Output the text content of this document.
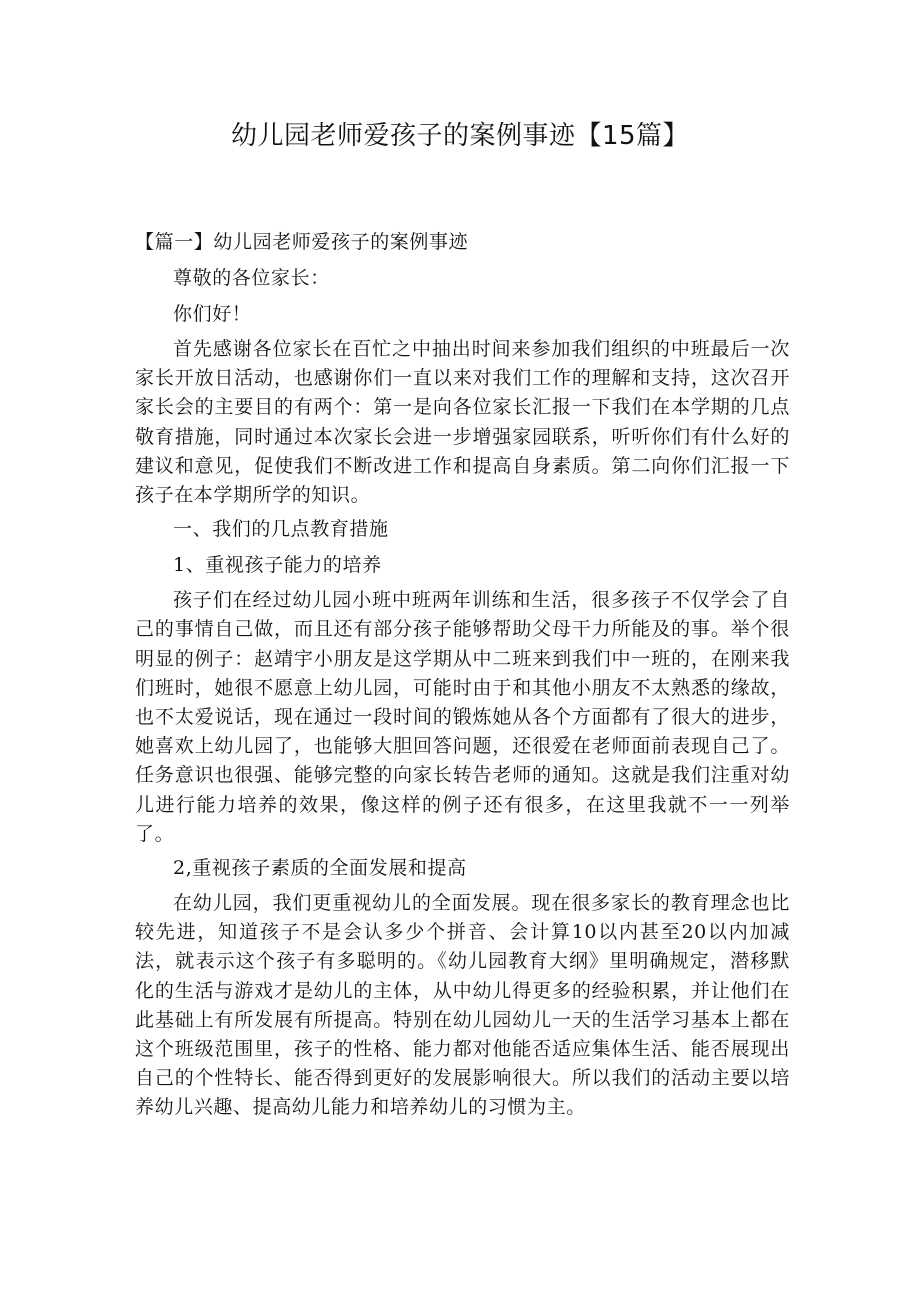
幼儿园老师爱孩子的案例事迹【15篇】

【篇一】幼儿园老师爱孩子的案例事迹

尊敬的各位家长：

你们好！

首先感谢各位家长在百忙之中抽出时间来参加我们组织的中班最后一次家长开放日活动，也感谢你们一直以来对我们工作的理解和支持，这次召开家长会的主要目的有两个：第一是向各位家长汇报一下我们在本学期的几点敬育措施，同时通过本次家长会进一步增强家园联系，听听你们有什么好的建议和意见，促使我们不断改进工作和提高自身素质。第二向你们汇报一下孩子在本学期所学的知识。

一、我们的几点教育措施

1、重视孩子能力的培养

孩子们在经过幼儿园小班中班两年训练和生活，很多孩子不仅学会了自己的事情自己做，而且还有部分孩子能够帮助父母干力所能及的事。举个很明显的例子：赵靖宇小朋友是这学期从中二班来到我们中一班的，在刚来我们班时，她很不愿意上幼儿园，可能时由于和其他小朋友不太熟悉的缘故，也不太爱说话，现在通过一段时间的锻炼她从各个方面都有了很大的进步，她喜欢上幼儿园了，也能够大胆回答问题，还很爱在老师面前表现自己了。任务意识也很强、能够完整的向家长转告老师的通知。这就是我们注重对幼儿进行能力培养的效果，像这样的例子还有很多，在这里我就不一一列举了。

2,重视孩子素质的全面发展和提高

在幼儿园，我们更重视幼儿的全面发展。现在很多家长的教育理念也比较先进，知道孩子不是会认多少个拼音、会计算10以内甚至20以内加减法，就表示这个孩子有多聪明的。《幼儿园教育大纲》里明确规定，潜移默化的生活与游戏才是幼儿的主体，从中幼儿得更多的经验积累，并让他们在此基础上有所发展有所提高。特别在幼儿园幼儿一天的生活学习基本上都在这个班级范围里，孩子的性格、能力都对他能否适应集体生活、能否展现出自己的个性特长、能否得到更好的发展影响很大。所以我们的活动主要以培养幼儿兴趣、提高幼儿能力和培养幼儿的习惯为主。
